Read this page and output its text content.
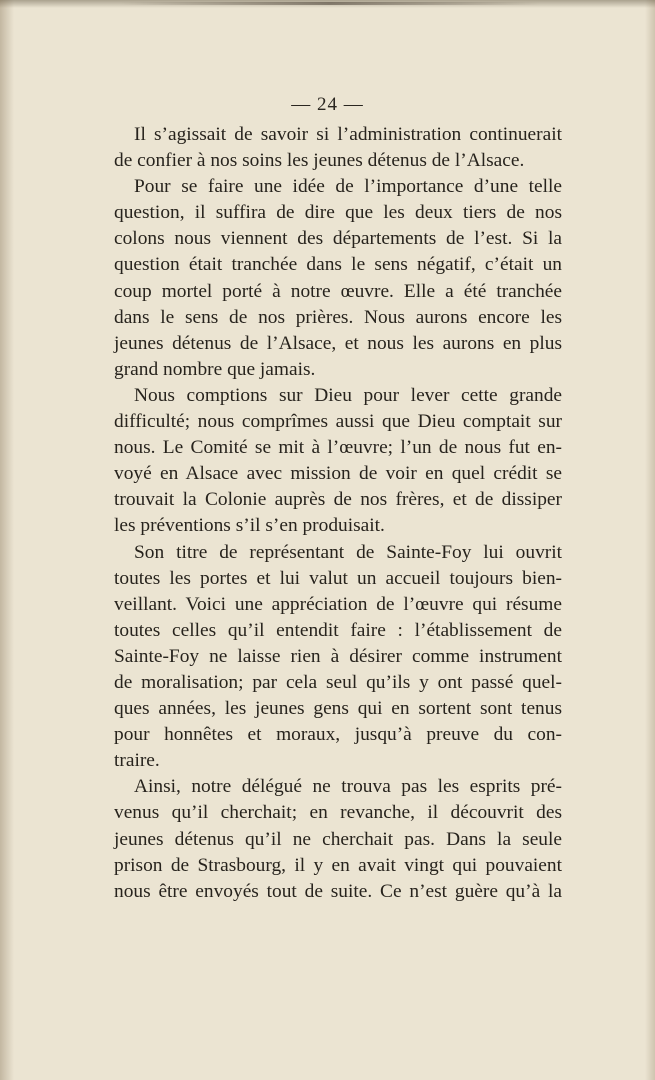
— 24 —
Il s’agissait de savoir si l’administration continuerait
de confier à nos soins les jeunes détenus de l’Alsace.
Pour se faire une idée de l’importance d’une telle
question, il suffira de dire que les deux tiers de nos
colons nous viennent des départements de l’est. Si la
question était tranchée dans le sens négatif, c’était un
coup mortel porté à notre œuvre. Elle a été tranchée
dans le sens de nos prières. Nous aurons encore les
jeunes détenus de l’Alsace, et nous les aurons en plus
grand nombre que jamais.
Nous comptions sur Dieu pour lever cette grande
difficulté; nous comprîmes aussi que Dieu comptait sur
nous. Le Comité se mit à l’œuvre; l’un de nous fut en-
voyé en Alsace avec mission de voir en quel crédit se
trouvait la Colonie auprès de nos frères, et de dissiper
les préventions s’il s’en produisait.
Son titre de représentant de Sainte-Foy lui ouvrit
toutes les portes et lui valut un accueil toujours bien-
veillant. Voici une appréciation de l’œuvre qui résume
toutes celles qu’il entendit faire : l’établissement de
Sainte-Foy ne laisse rien à désirer comme instrument
de moralisation; par cela seul qu’ils y ont passé quel-
ques années, les jeunes gens qui en sortent sont tenus
pour honnêtes et moraux, jusqu’à preuve du con-
traire.
Ainsi, notre délégué ne trouva pas les esprits pré-
venus qu’il cherchait; en revanche, il découvrit des
jeunes détenus qu’il ne cherchait pas. Dans la seule
prison de Strasbourg, il y en avait vingt qui pouvaient
nous être envoyés tout de suite. Ce n’est guère qu’à la
